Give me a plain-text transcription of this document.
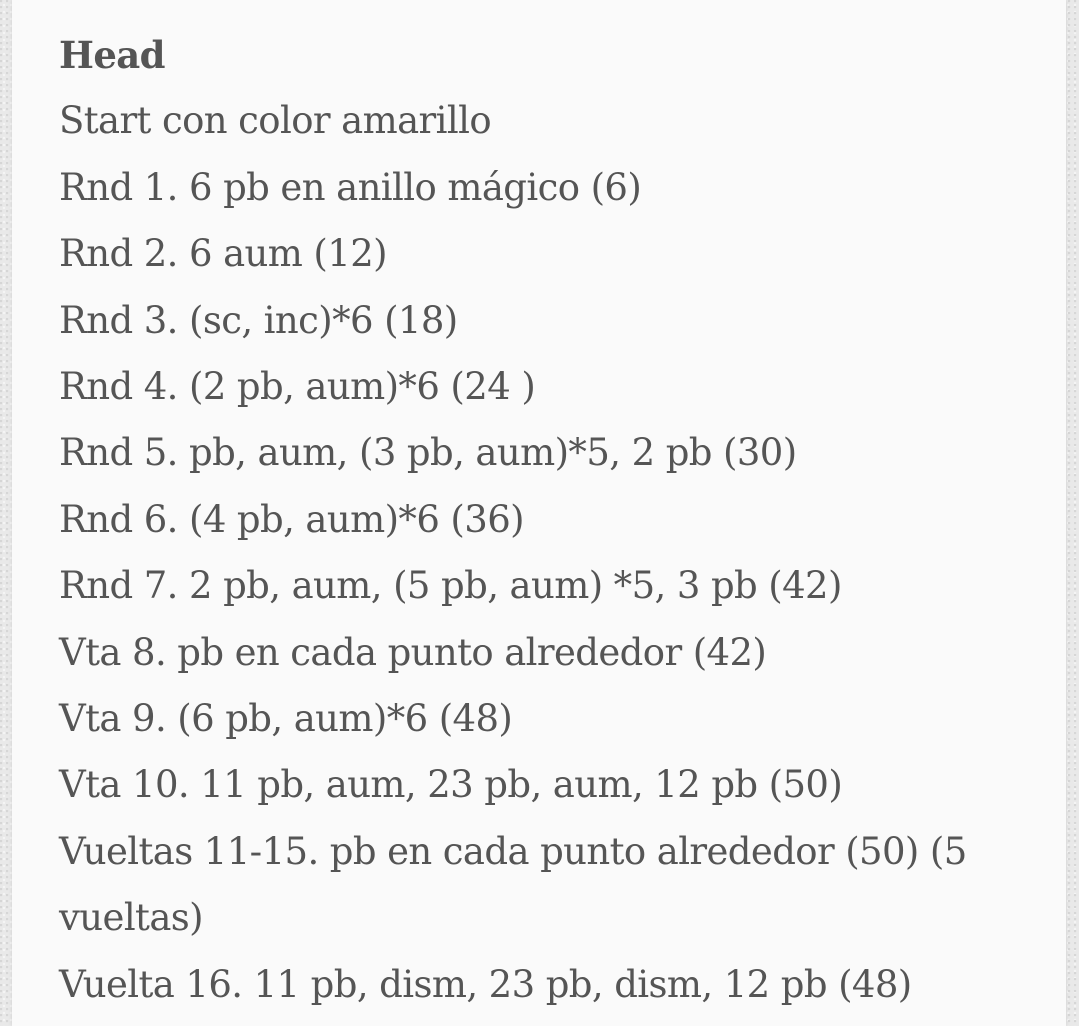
Head
Start con color amarillo
Rnd 1. 6 pb en anillo mágico (6)
Rnd 2. 6 aum (12)
Rnd 3. (sc, inc)*6 (18)
Rnd 4. (2 pb, aum)*6 (24 )
Rnd 5. pb, aum, (3 pb, aum)*5, 2 pb (30)
Rnd 6. (4 pb, aum)*6 (36)
Rnd 7. 2 pb, aum, (5 pb, aum) *5, 3 pb (42)
Vta 8. pb en cada punto alrededor (42)
Vta 9. (6 pb, aum)*6 (48)
Vta 10. 11 pb, aum, 23 pb, aum, 12 pb (50)
Vueltas 11-15. pb en cada punto alrededor (50) (5 vueltas)
Vuelta 16. 11 pb, dism, 23 pb, dism, 12 pb (48)
